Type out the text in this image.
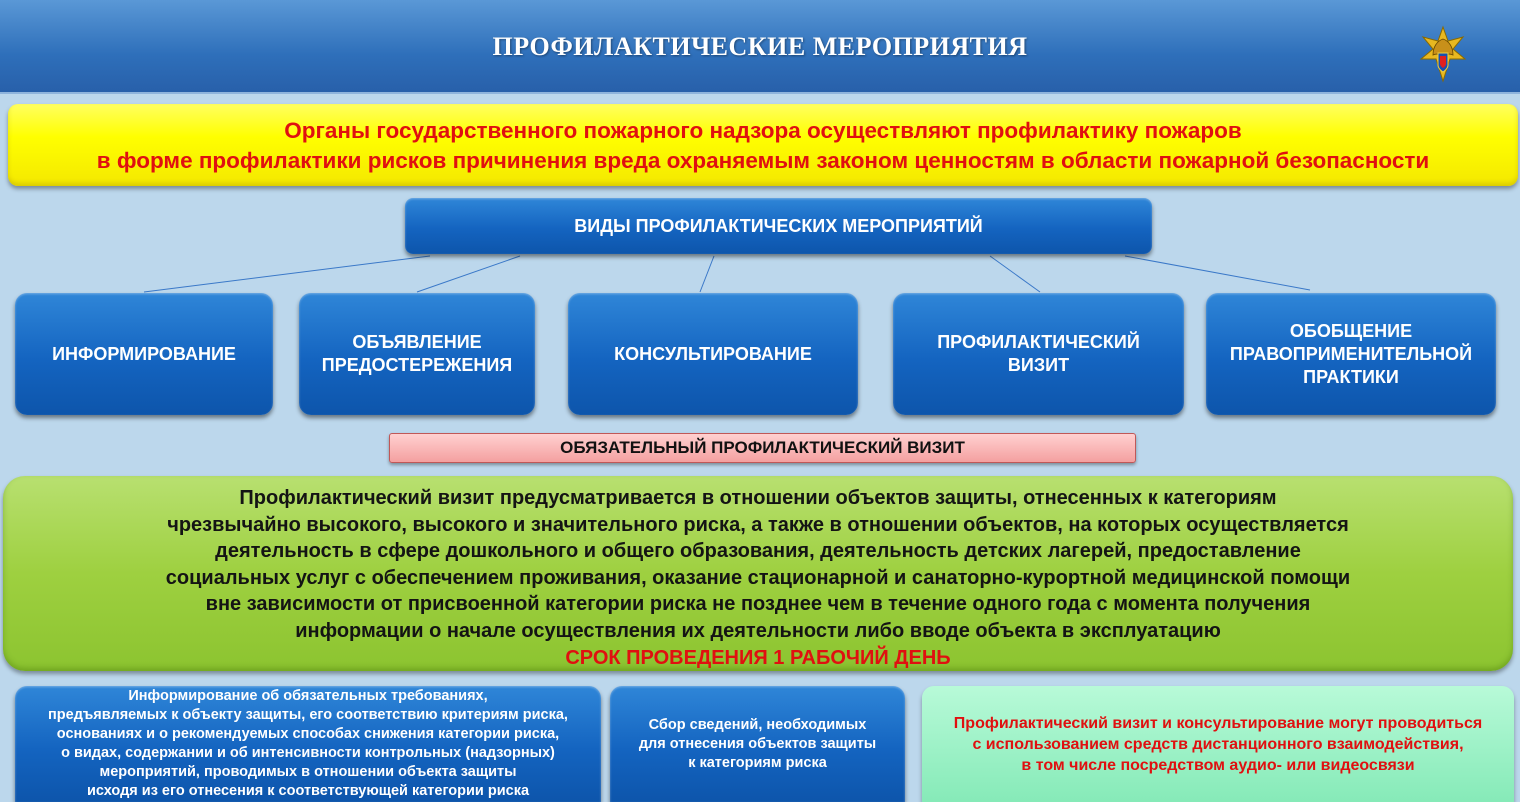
ПРОФИЛАКТИЧЕСКИЕ МЕРОПРИЯТИЯ
Органы государственного пожарного надзора осуществляют профилактику пожаров
в форме профилактики рисков причинения вреда охраняемым законом ценностям в области пожарной безопасности
ВИДЫ ПРОФИЛАКТИЧЕСКИХ МЕРОПРИЯТИЙ
ИНФОРМИРОВАНИЕ
ОБЪЯВЛЕНИЕ
ПРЕДОСТЕРЕЖЕНИЯ
КОНСУЛЬТИРОВАНИЕ
ПРОФИЛАКТИЧЕСКИЙ
ВИЗИТ
ОБОБЩЕНИЕ
ПРАВОПРИМЕНИТЕЛЬНОЙ
ПРАКТИКИ
ОБЯЗАТЕЛЬНЫЙ ПРОФИЛАКТИЧЕСКИЙ ВИЗИТ
Профилактический визит предусматривается в отношении объектов защиты, отнесенных к категориям
чрезвычайно высокого, высокого и значительного риска, а также в отношении объектов, на которых осуществляется
деятельность в сфере дошкольного и общего образования, деятельность детских лагерей, предоставление
социальных услуг с обеспечением проживания, оказание стационарной и санаторно-курортной медицинской помощи
вне зависимости от присвоенной категории риска не позднее чем в течение одного года с момента получения
информации о начале осуществления их деятельности либо вводе объекта в эксплуатацию
СРОК ПРОВЕДЕНИЯ 1 РАБОЧИЙ ДЕНЬ
Информирование об обязательных требованиях,
предъявляемых к объекту защиты, его соответствию критериям риска,
основаниях и о рекомендуемых способах снижения категории риска,
о видах, содержании и об интенсивности контрольных (надзорных)
мероприятий, проводимых в отношении объекта защиты
исходя из его отнесения к соответствующей категории риска
Сбор сведений, необходимых
для отнесения объектов защиты
к категориям риска
Профилактический визит и консультирование могут проводиться
с использованием средств дистанционного взаимодействия,
в том числе посредством аудио- или видеосвязи
